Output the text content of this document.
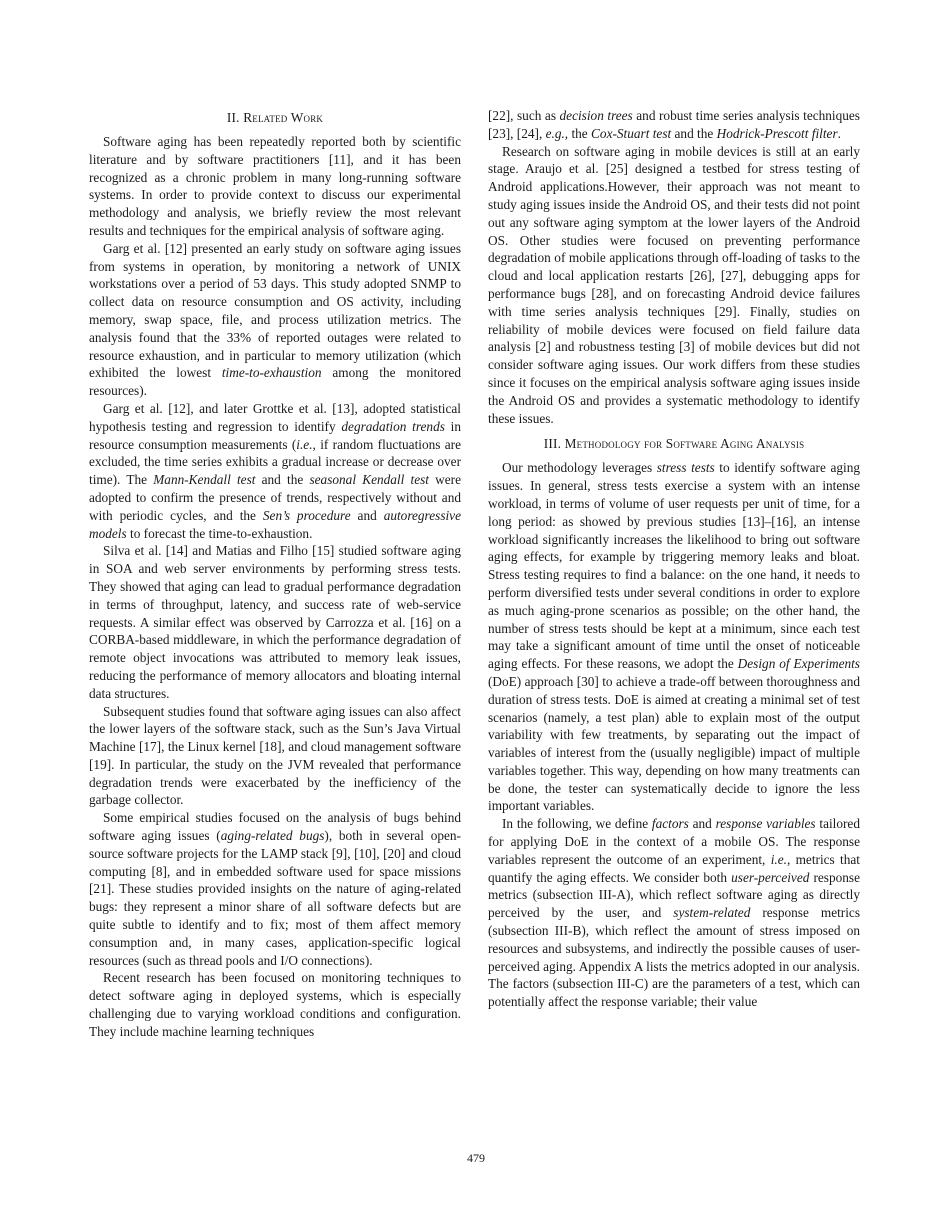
II. Related Work

Software aging has been repeatedly reported both by scientific literature and by software practitioners [11], and it has been recognized as a chronic problem in many long-running software systems. In order to provide context to discuss our experimental methodology and analysis, we briefly review the most relevant results and techniques for the empirical analysis of software aging.

Garg et al. [12] presented an early study on software aging issues from systems in operation, by monitoring a network of UNIX workstations over a period of 53 days. This study adopted SNMP to collect data on resource consumption and OS activity, including memory, swap space, file, and process utilization metrics. The analysis found that the 33% of reported outages were related to resource exhaustion, and in particular to memory utilization (which exhibited the lowest time-to-exhaustion among the monitored resources).

Garg et al. [12], and later Grottke et al. [13], adopted statistical hypothesis testing and regression to identify degradation trends in resource consumption measurements (i.e., if random fluctuations are excluded, the time series exhibits a gradual increase or decrease over time). The Mann-Kendall test and the seasonal Kendall test were adopted to confirm the presence of trends, respectively without and with periodic cycles, and the Sen’s procedure and autoregressive models to forecast the time-to-exhaustion.

Silva et al. [14] and Matias and Filho [15] studied software aging in SOA and web server environments by performing stress tests. They showed that aging can lead to gradual performance degradation in terms of throughput, latency, and success rate of web-service requests. A similar effect was observed by Carrozza et al. [16] on a CORBA-based middleware, in which the performance degradation of remote object invocations was attributed to memory leak issues, reducing the performance of memory allocators and bloating internal data structures.

Subsequent studies found that software aging issues can also affect the lower layers of the software stack, such as the Sun’s Java Virtual Machine [17], the Linux kernel [18], and cloud management software [19]. In particular, the study on the JVM revealed that performance degradation trends were exacerbated by the inefficiency of the garbage collector.

Some empirical studies focused on the analysis of bugs behind software aging issues (aging-related bugs), both in several open-source software projects for the LAMP stack [9], [10], [20] and cloud computing [8], and in embedded software used for space missions [21]. These studies provided insights on the nature of aging-related bugs: they represent a minor share of all software defects but are quite subtle to identify and to fix; most of them affect memory consumption and, in many cases, application-specific logical resources (such as thread pools and I/O connections).

Recent research has been focused on monitoring techniques to detect software aging in deployed systems, which is especially challenging due to varying workload conditions and configuration. They include machine learning techniques

[22], such as decision trees and robust time series analysis techniques [23], [24], e.g., the Cox-Stuart test and the Hodrick-Prescott filter.

Research on software aging in mobile devices is still at an early stage. Araujo et al. [25] designed a testbed for stress testing of Android applications.However, their approach was not meant to study aging issues inside the Android OS, and their tests did not point out any software aging symptom at the lower layers of the Android OS. Other studies were focused on preventing performance degradation of mobile applications through off-loading of tasks to the cloud and local application restarts [26], [27], debugging apps for performance bugs [28], and on forecasting Android device failures with time series analysis techniques [29]. Finally, studies on reliability of mobile devices were focused on field failure data analysis [2] and robustness testing [3] of mobile devices but did not consider software aging issues. Our work differs from these studies since it focuses on the empirical analysis software aging issues inside the Android OS and provides a systematic methodology to identify these issues.

III. Methodology for Software Aging Analysis

Our methodology leverages stress tests to identify software aging issues. In general, stress tests exercise a system with an intense workload, in terms of volume of user requests per unit of time, for a long period: as showed by previous studies [13]–[16], an intense workload significantly increases the likelihood to bring out software aging effects, for example by triggering memory leaks and bloat. Stress testing requires to find a balance: on the one hand, it needs to perform diversified tests under several conditions in order to explore as much aging-prone scenarios as possible; on the other hand, the number of stress tests should be kept at a minimum, since each test may take a significant amount of time until the onset of noticeable aging effects. For these reasons, we adopt the Design of Experiments (DoE) approach [30] to achieve a trade-off between thoroughness and duration of stress tests. DoE is aimed at creating a minimal set of test scenarios (namely, a test plan) able to explain most of the output variability with few treatments, by separating out the impact of variables of interest from the (usually negligible) impact of multiple variables together. This way, depending on how many treatments can be done, the tester can systematically decide to ignore the less important variables.

In the following, we define factors and response variables tailored for applying DoE in the context of a mobile OS. The response variables represent the outcome of an experiment, i.e., metrics that quantify the aging effects. We consider both user-perceived response metrics (subsection III-A), which reflect software aging as directly perceived by the user, and system-related response metrics (subsection III-B), which reflect the amount of stress imposed on resources and subsystems, and indirectly the possible causes of user-perceived aging. Appendix A lists the metrics adopted in our analysis. The factors (subsection III-C) are the parameters of a test, which can potentially affect the response variable; their value

479
